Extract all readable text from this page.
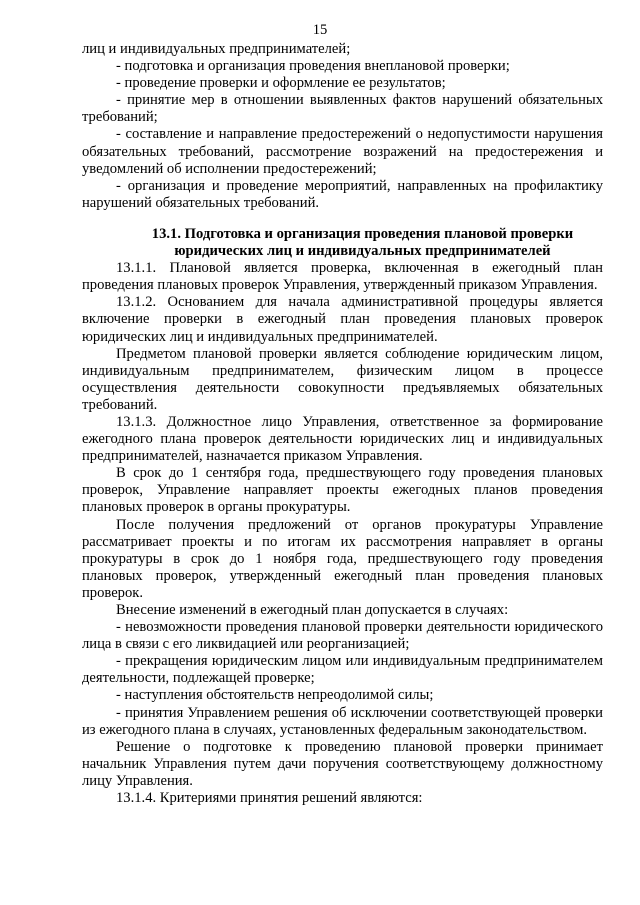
15

лиц и индивидуальных предпринимателей;

- подготовка и организация проведения внеплановой проверки;

- проведение проверки и оформление ее результатов;

- принятие мер в отношении выявленных фактов нарушений обязательных требований;

- составление и направление предостережений о недопустимости нарушения обязательных требований, рассмотрение возражений на предостережения и уведомлений об исполнении предостережений;

- организация и проведение мероприятий, направленных на профилактику нарушений обязательных требований.

13.1. Подготовка и организация проведения плановой проверки юридических лиц и индивидуальных предпринимателей

13.1.1. Плановой является проверка, включенная в ежегодный план проведения плановых проверок Управления, утвержденный приказом Управления.

13.1.2. Основанием для начала административной процедуры является включение проверки в ежегодный план проведения плановых проверок юридических лиц и индивидуальных предпринимателей.

Предметом плановой проверки является соблюдение юридическим лицом, индивидуальным предпринимателем, физическим лицом в процессе осуществления деятельности совокупности предъявляемых обязательных требований.

13.1.3. Должностное лицо Управления, ответственное за формирование ежегодного плана проверок деятельности юридических лиц и индивидуальных предпринимателей, назначается приказом Управления.

В срок до 1 сентября года, предшествующего году проведения плановых проверок, Управление направляет проекты ежегодных планов проведения плановых проверок в органы прокуратуры.

После получения предложений от органов прокуратуры Управление рассматривает проекты и по итогам их рассмотрения направляет в органы прокуратуры в срок до 1 ноября года, предшествующего году проведения плановых проверок, утвержденный ежегодный план проведения плановых проверок.

Внесение изменений в ежегодный план допускается в случаях:

- невозможности проведения плановой проверки деятельности юридического лица в связи с его ликвидацией или реорганизацией;

- прекращения юридическим лицом или индивидуальным предпринимателем деятельности, подлежащей проверке;

- наступления обстоятельств непреодолимой силы;

- принятия Управлением решения об исключении соответствующей проверки из ежегодного плана в случаях, установленных федеральным законодательством.

Решение о подготовке к проведению плановой проверки принимает начальник Управления путем дачи поручения соответствующему должностному лицу Управления.

13.1.4. Критериями принятия решений являются:
